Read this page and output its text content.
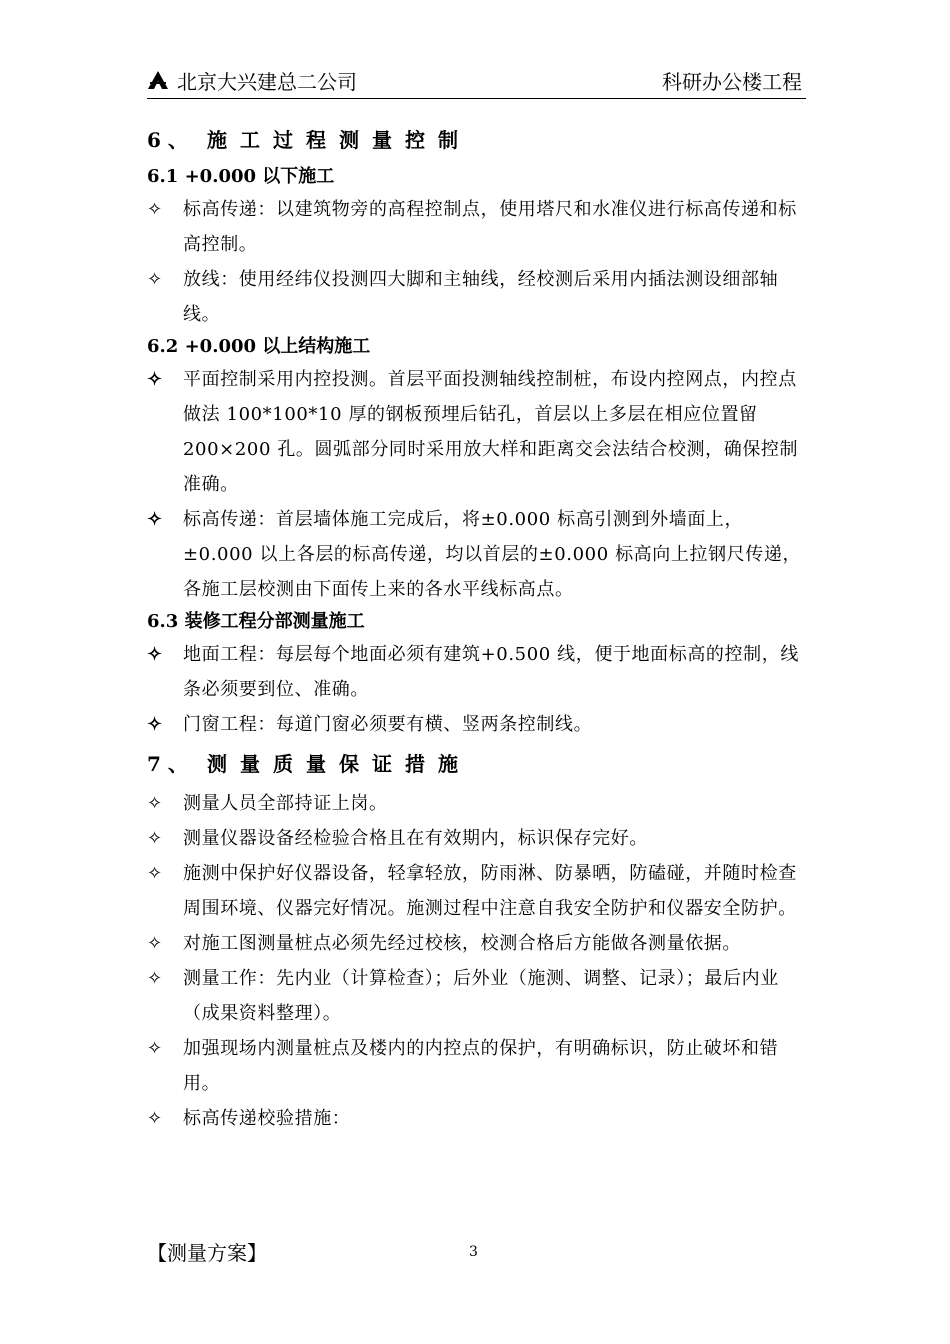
北京大兴建总二公司	科研办公楼工程
6 、 施工过程测量控制
6.1 +0.000 以下施工
✧	标高传递：以建筑物旁的高程控制点，使用塔尺和水准仪进行标高传递和标高控制。
✧	放线：使用经纬仪投测四大脚和主轴线，经校测后采用内插法测设细部轴线。
6.2 +0.000 以上结构施工
✧	平面控制采用内控投测。首层平面投测轴线控制桩，布设内控网点，内控点做法 100*100*10 厚的钢板预埋后钻孔，首层以上多层在相应位置留 200×200 孔。圆弧部分同时采用放大样和距离交会法结合校测，确保控制准确。
✧	标高传递：首层墙体施工完成后，将±0.000 标高引测到外墙面上，±0.000 以上各层的标高传递，均以首层的±0.000 标高向上拉钢尺传递，各施工层校测由下面传上来的各水平线标高点。
6.3 装修工程分部测量施工
✧	地面工程：每层每个地面必须有建筑+0.500 线，便于地面标高的控制，线条必须要到位、准确。
✧	门窗工程：每道门窗必须要有横、竖两条控制线。
7 、 测量质量保证措施
✧	测量人员全部持证上岗。
✧	测量仪器设备经检验合格且在有效期内，标识保存完好。
✧	施测中保护好仪器设备，轻拿轻放，防雨淋、防暴晒，防磕碰，并随时检查周围环境、仪器完好情况。施测过程中注意自我安全防护和仪器安全防护。
✧	对施工图测量桩点必须先经过校核，校测合格后方能做各测量依据。
✧	测量工作：先内业（计算检查）；后外业（施测、调整、记录）；最后内业（成果资料整理）。
✧	加强现场内测量桩点及楼内的内控点的保护，有明确标识，防止破坏和错用。
✧	标高传递校验措施：
【测量方案】	3
